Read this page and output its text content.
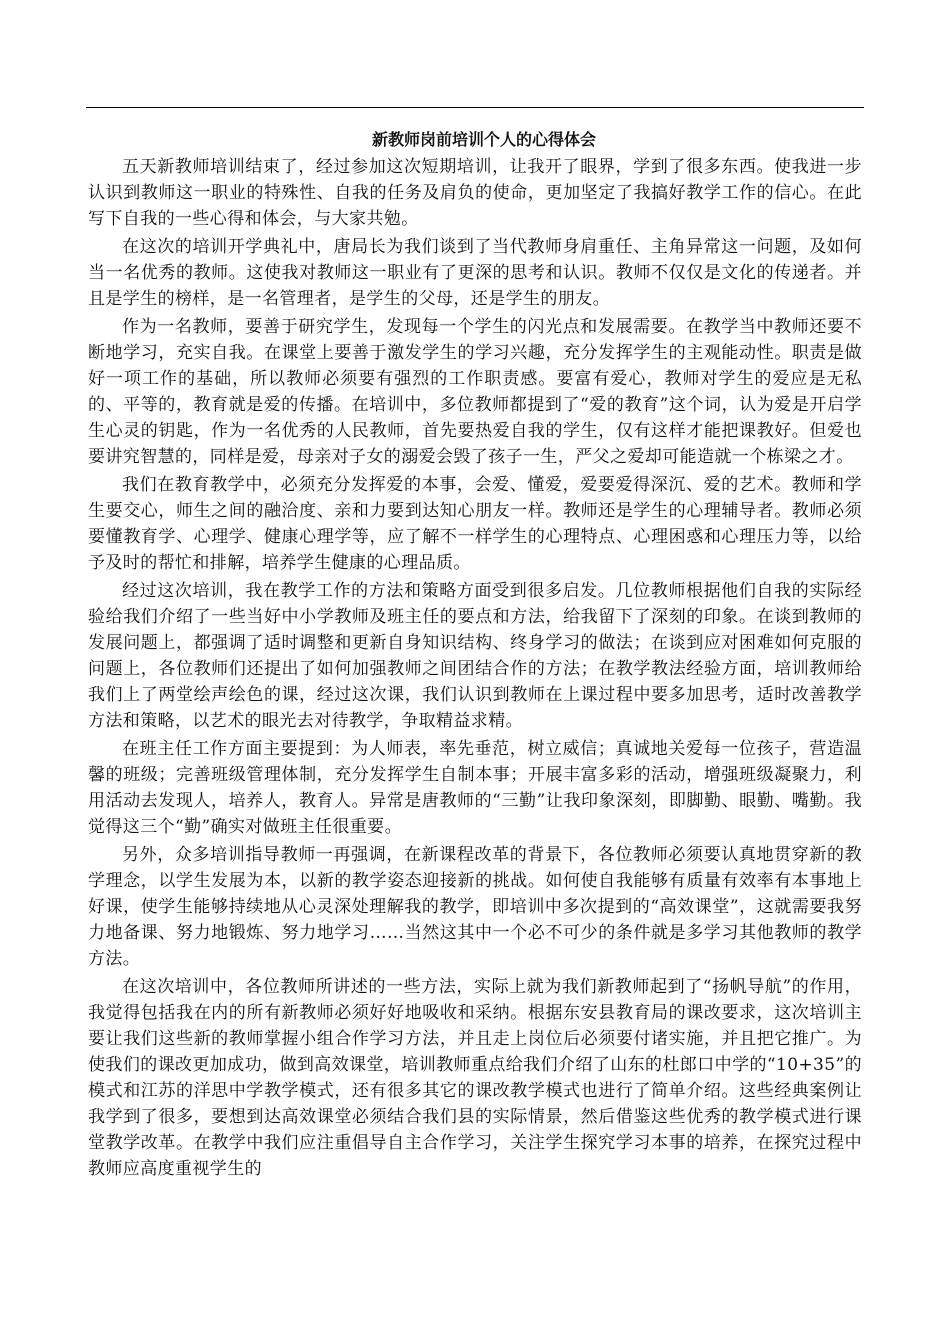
新教师岗前培训个人的心得体会

五天新教师培训结束了，经过参加这次短期培训，让我开了眼界，学到了很多东西。使我进一步认识到教师这一职业的特殊性、自我的任务及肩负的使命，更加坚定了我搞好教学工作的信心。在此写下自我的一些心得和体会，与大家共勉。

在这次的培训开学典礼中，唐局长为我们谈到了当代教师身肩重任、主角异常这一问题，及如何当一名优秀的教师。这使我对教师这一职业有了更深的思考和认识。教师不仅仅是文化的传递者。并且是学生的榜样，是一名管理者，是学生的父母，还是学生的朋友。

作为一名教师，要善于研究学生，发现每一个学生的闪光点和发展需要。在教学当中教师还要不断地学习，充实自我。在课堂上要善于激发学生的学习兴趣，充分发挥学生的主观能动性。职责是做好一项工作的基础，所以教师必须要有强烈的工作职责感。要富有爱心，教师对学生的爱应是无私的、平等的，教育就是爱的传播。在培训中，多位教师都提到了“爱的教育”这个词，认为爱是开启学生心灵的钥匙，作为一名优秀的人民教师，首先要热爱自我的学生，仅有这样才能把课教好。但爱也要讲究智慧的，同样是爱，母亲对子女的溺爱会毁了孩子一生，严父之爱却可能造就一个栋梁之才。

我们在教育教学中，必须充分发挥爱的本事，会爱、懂爱，爱要爱得深沉、爱的艺术。教师和学生要交心，师生之间的融洽度、亲和力要到达知心朋友一样。教师还是学生的心理辅导者。教师必须要懂教育学、心理学、健康心理学等，应了解不一样学生的心理特点、心理困惑和心理压力等，以给予及时的帮忙和排解，培养学生健康的心理品质。

经过这次培训，我在教学工作的方法和策略方面受到很多启发。几位教师根据他们自我的实际经验给我们介绍了一些当好中小学教师及班主任的要点和方法，给我留下了深刻的印象。在谈到教师的发展问题上，都强调了适时调整和更新自身知识结构、终身学习的做法；在谈到应对困难如何克服的问题上，各位教师们还提出了如何加强教师之间团结合作的方法；在教学教法经验方面，培训教师给我们上了两堂绘声绘色的课，经过这次课，我们认识到教师在上课过程中要多加思考，适时改善教学方法和策略，以艺术的眼光去对待教学，争取精益求精。

在班主任工作方面主要提到：为人师表，率先垂范，树立威信；真诚地关爱每一位孩子，营造温馨的班级；完善班级管理体制，充分发挥学生自制本事；开展丰富多彩的活动，增强班级凝聚力，利用活动去发现人，培养人，教育人。异常是唐教师的“三勤”让我印象深刻，即脚勤、眼勤、嘴勤。我觉得这三个“勤”确实对做班主任很重要。

另外，众多培训指导教师一再强调，在新课程改革的背景下，各位教师必须要认真地贯穿新的教学理念，以学生发展为本，以新的教学姿态迎接新的挑战。如何使自我能够有质量有效率有本事地上好课，使学生能够持续地从心灵深处理解我的教学，即培训中多次提到的“高效课堂”，这就需要我努力地备课、努力地锻炼、努力地学习……当然这其中一个必不可少的条件就是多学习其他教师的教学方法。

在这次培训中，各位教师所讲述的一些方法，实际上就为我们新教师起到了“扬帆导航”的作用，我觉得包括我在内的所有新教师必须好好地吸收和采纳。根据东安县教育局的课改要求，这次培训主要让我们这些新的教师掌握小组合作学习方法，并且走上岗位后必须要付诸实施，并且把它推广。为使我们的课改更加成功，做到高效课堂，培训教师重点给我们介绍了山东的杜郎口中学的“10+35”的模式和江苏的洋思中学教学模式，还有很多其它的课改教学模式也进行了简单介绍。这些经典案例让我学到了很多，要想到达高效课堂必须结合我们县的实际情景，然后借鉴这些优秀的教学模式进行课堂教学改革。在教学中我们应注重倡导自主合作学习，关注学生探究学习本事的培养，在探究过程中教师应高度重视学生的
